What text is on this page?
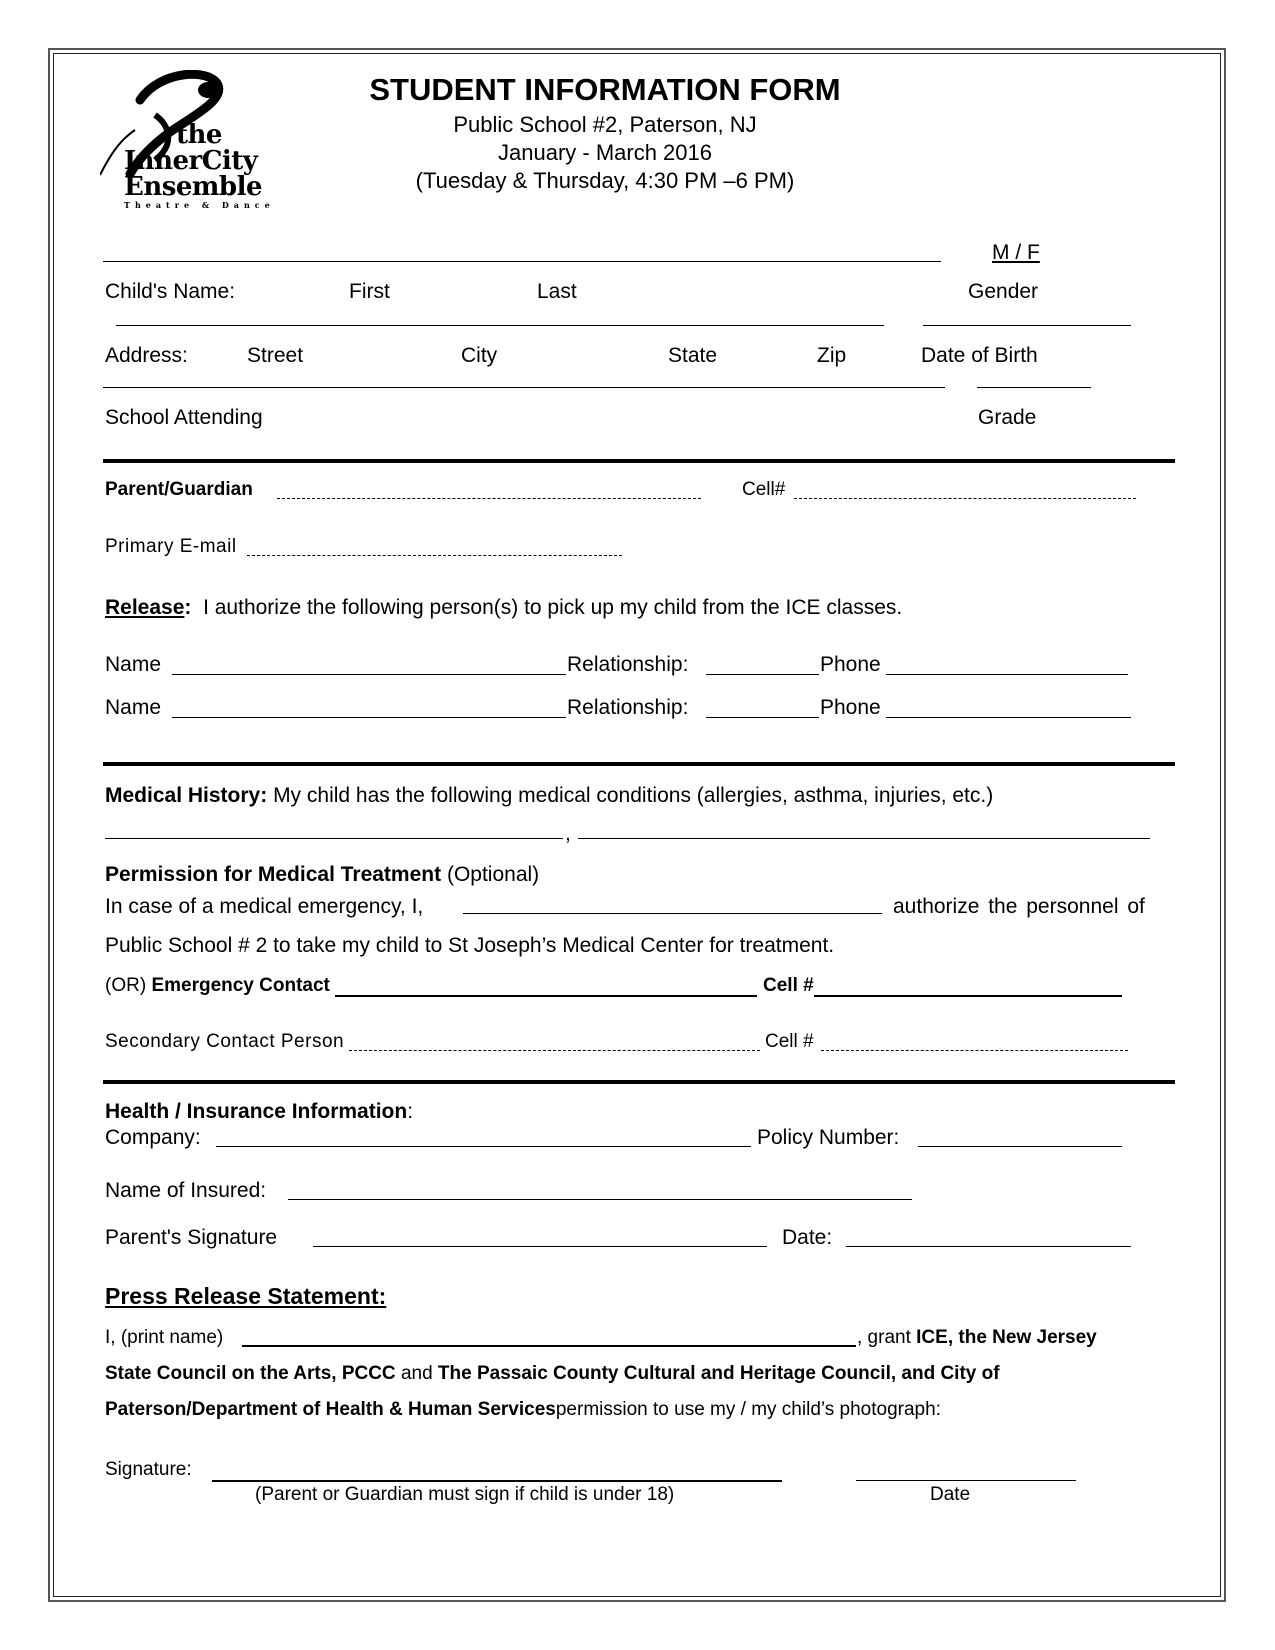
the
InnerCity
Ensemble
Theatre & Dance
STUDENT INFORMATION FORM
Public School #2, Paterson, NJ
January - March 2016
(Tuesday & Thursday, 4:30 PM –6 PM)
M / F
Child's Name:	First	Last	Gender
Address:	Street	City	State	Zip	Date of Birth
School Attending	Grade
Parent/Guardian	Cell#
Primary E-mail
Release: I authorize the following person(s) to pick up my child from the ICE classes.
Name	Relationship:	Phone
Name	Relationship:	Phone
Medical History: My child has the following medical conditions (allergies, asthma, injuries, etc.)
,
Permission for Medical Treatment (Optional)
In case of a medical emergency, I,	authorize the personnel of
Public School # 2 to take my child to St Joseph’s Medical Center for treatment.
(OR) Emergency Contact	Cell #
Secondary Contact Person	Cell #
Health / Insurance Information:
Company:	Policy Number:
Name of Insured:
Parent's Signature	Date:
Press Release Statement:
I, (print name)	, grant ICE, the New Jersey
State Council on the Arts, PCCC and The Passaic County Cultural and Heritage Council, and City of
Paterson/Department of Health & Human Servicespermission to use my / my child’s photograph:
Signature:
(Parent or Guardian must sign if child is under 18)	Date
